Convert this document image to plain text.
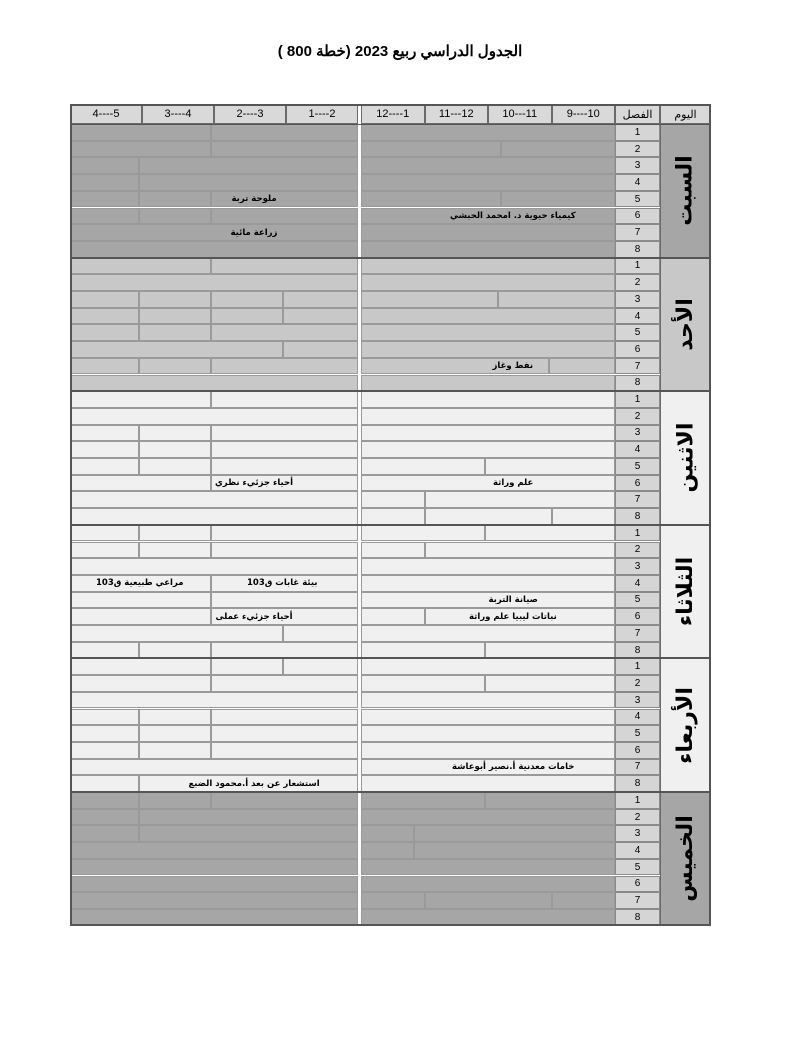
الجدول الدراسي ربيع 2023 (خطة 800 )
اليوم
الفصل
9----10
10---11
11---12
12----1
1----2
2----3
3----4
4----5
السبت
1
2
3
4
5
ملوحة تربة
6
كيمياء حيوية د. امحمد الحبشي
7
زراعة مائية
8
الأحد
1
2
3
4
5
6
7
نفط وغاز
8
الاثنين
1
2
3
4
5
6
علم وراثة
أحياء جزئيء نظري
7
8
الثلاثاء
1
2
3
4
بيئة غابات ق103
مراعي طبيعية ق103
5
صيانة التربة
6
نباتات ليبيا علم وراثة
أحياء جزئيء عملى
7
8
الأربعاء
1
2
3
4
5
6
7
خامات معدنية أ.نصير أبوعاشة
8
استشعار عن بعد أ.محمود الضبع
الخميس
1
2
3
4
5
6
7
8
